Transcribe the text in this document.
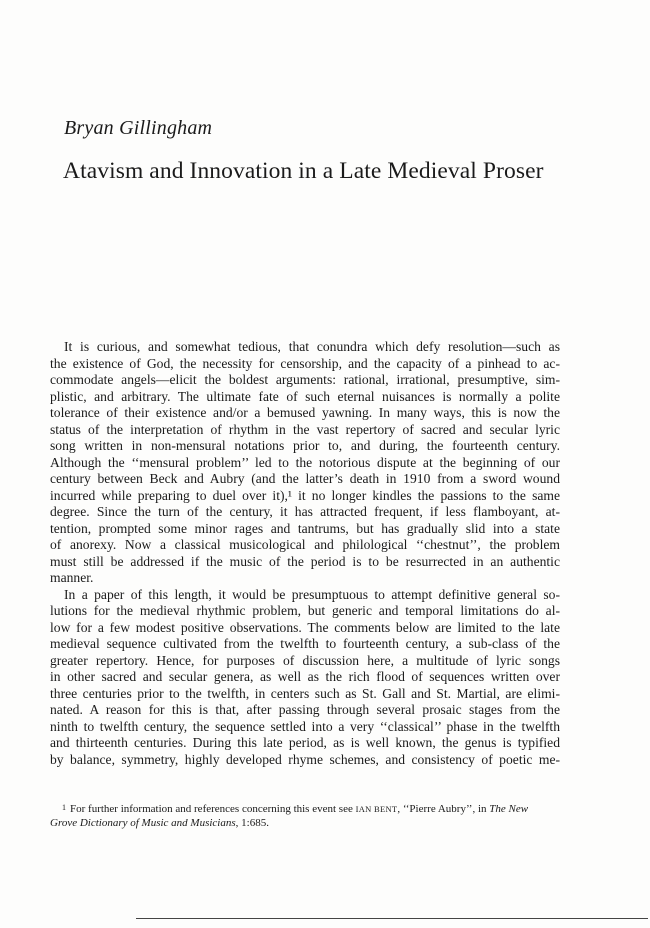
Bryan Gillingham
Atavism and Innovation in a Late Medieval Proser
It is curious, and somewhat tedious, that conundra which defy resolution—such as
the existence of God, the necessity for censorship, and the capacity of a pinhead to ac-
commodate angels—elicit the boldest arguments: rational, irrational, presumptive, sim-
plistic, and arbitrary. The ultimate fate of such eternal nuisances is normally a polite
tolerance of their existence and/or a bemused yawning. In many ways, this is now the
status of the interpretation of rhythm in the vast repertory of sacred and secular lyric
song written in non-mensural notations prior to, and during, the fourteenth century.
Although the ‘‘mensural problem’’ led to the notorious dispute at the beginning of our
century between Beck and Aubry (and the latter’s death in 1910 from a sword wound
incurred while preparing to duel over it),¹ it no longer kindles the passions to the same
degree. Since the turn of the century, it has attracted frequent, if less flamboyant, at-
tention, prompted some minor rages and tantrums, but has gradually slid into a state
of anorexy. Now a classical musicological and philological ‘‘chestnut’’, the problem
must still be addressed if the music of the period is to be resurrected in an authentic
manner.
In a paper of this length, it would be presumptuous to attempt definitive general so-
lutions for the medieval rhythmic problem, but generic and temporal limitations do al-
low for a few modest positive observations. The comments below are limited to the late
medieval sequence cultivated from the twelfth to fourteenth century, a sub-class of the
greater repertory. Hence, for purposes of discussion here, a multitude of lyric songs
in other sacred and secular genera, as well as the rich flood of sequences written over
three centuries prior to the twelfth, in centers such as St. Gall and St. Martial, are elimi-
nated. A reason for this is that, after passing through several prosaic stages from the
ninth to twelfth century, the sequence settled into a very ‘‘classical’’ phase in the twelfth
and thirteenth centuries. During this late period, as is well known, the genus is typified
by balance, symmetry, highly developed rhyme schemes, and consistency of poetic me-
1 For further information and references concerning this event see IAN BENT, ‘‘Pierre Aubry’’, in The New
Grove Dictionary of Music and Musicians, 1:685.
